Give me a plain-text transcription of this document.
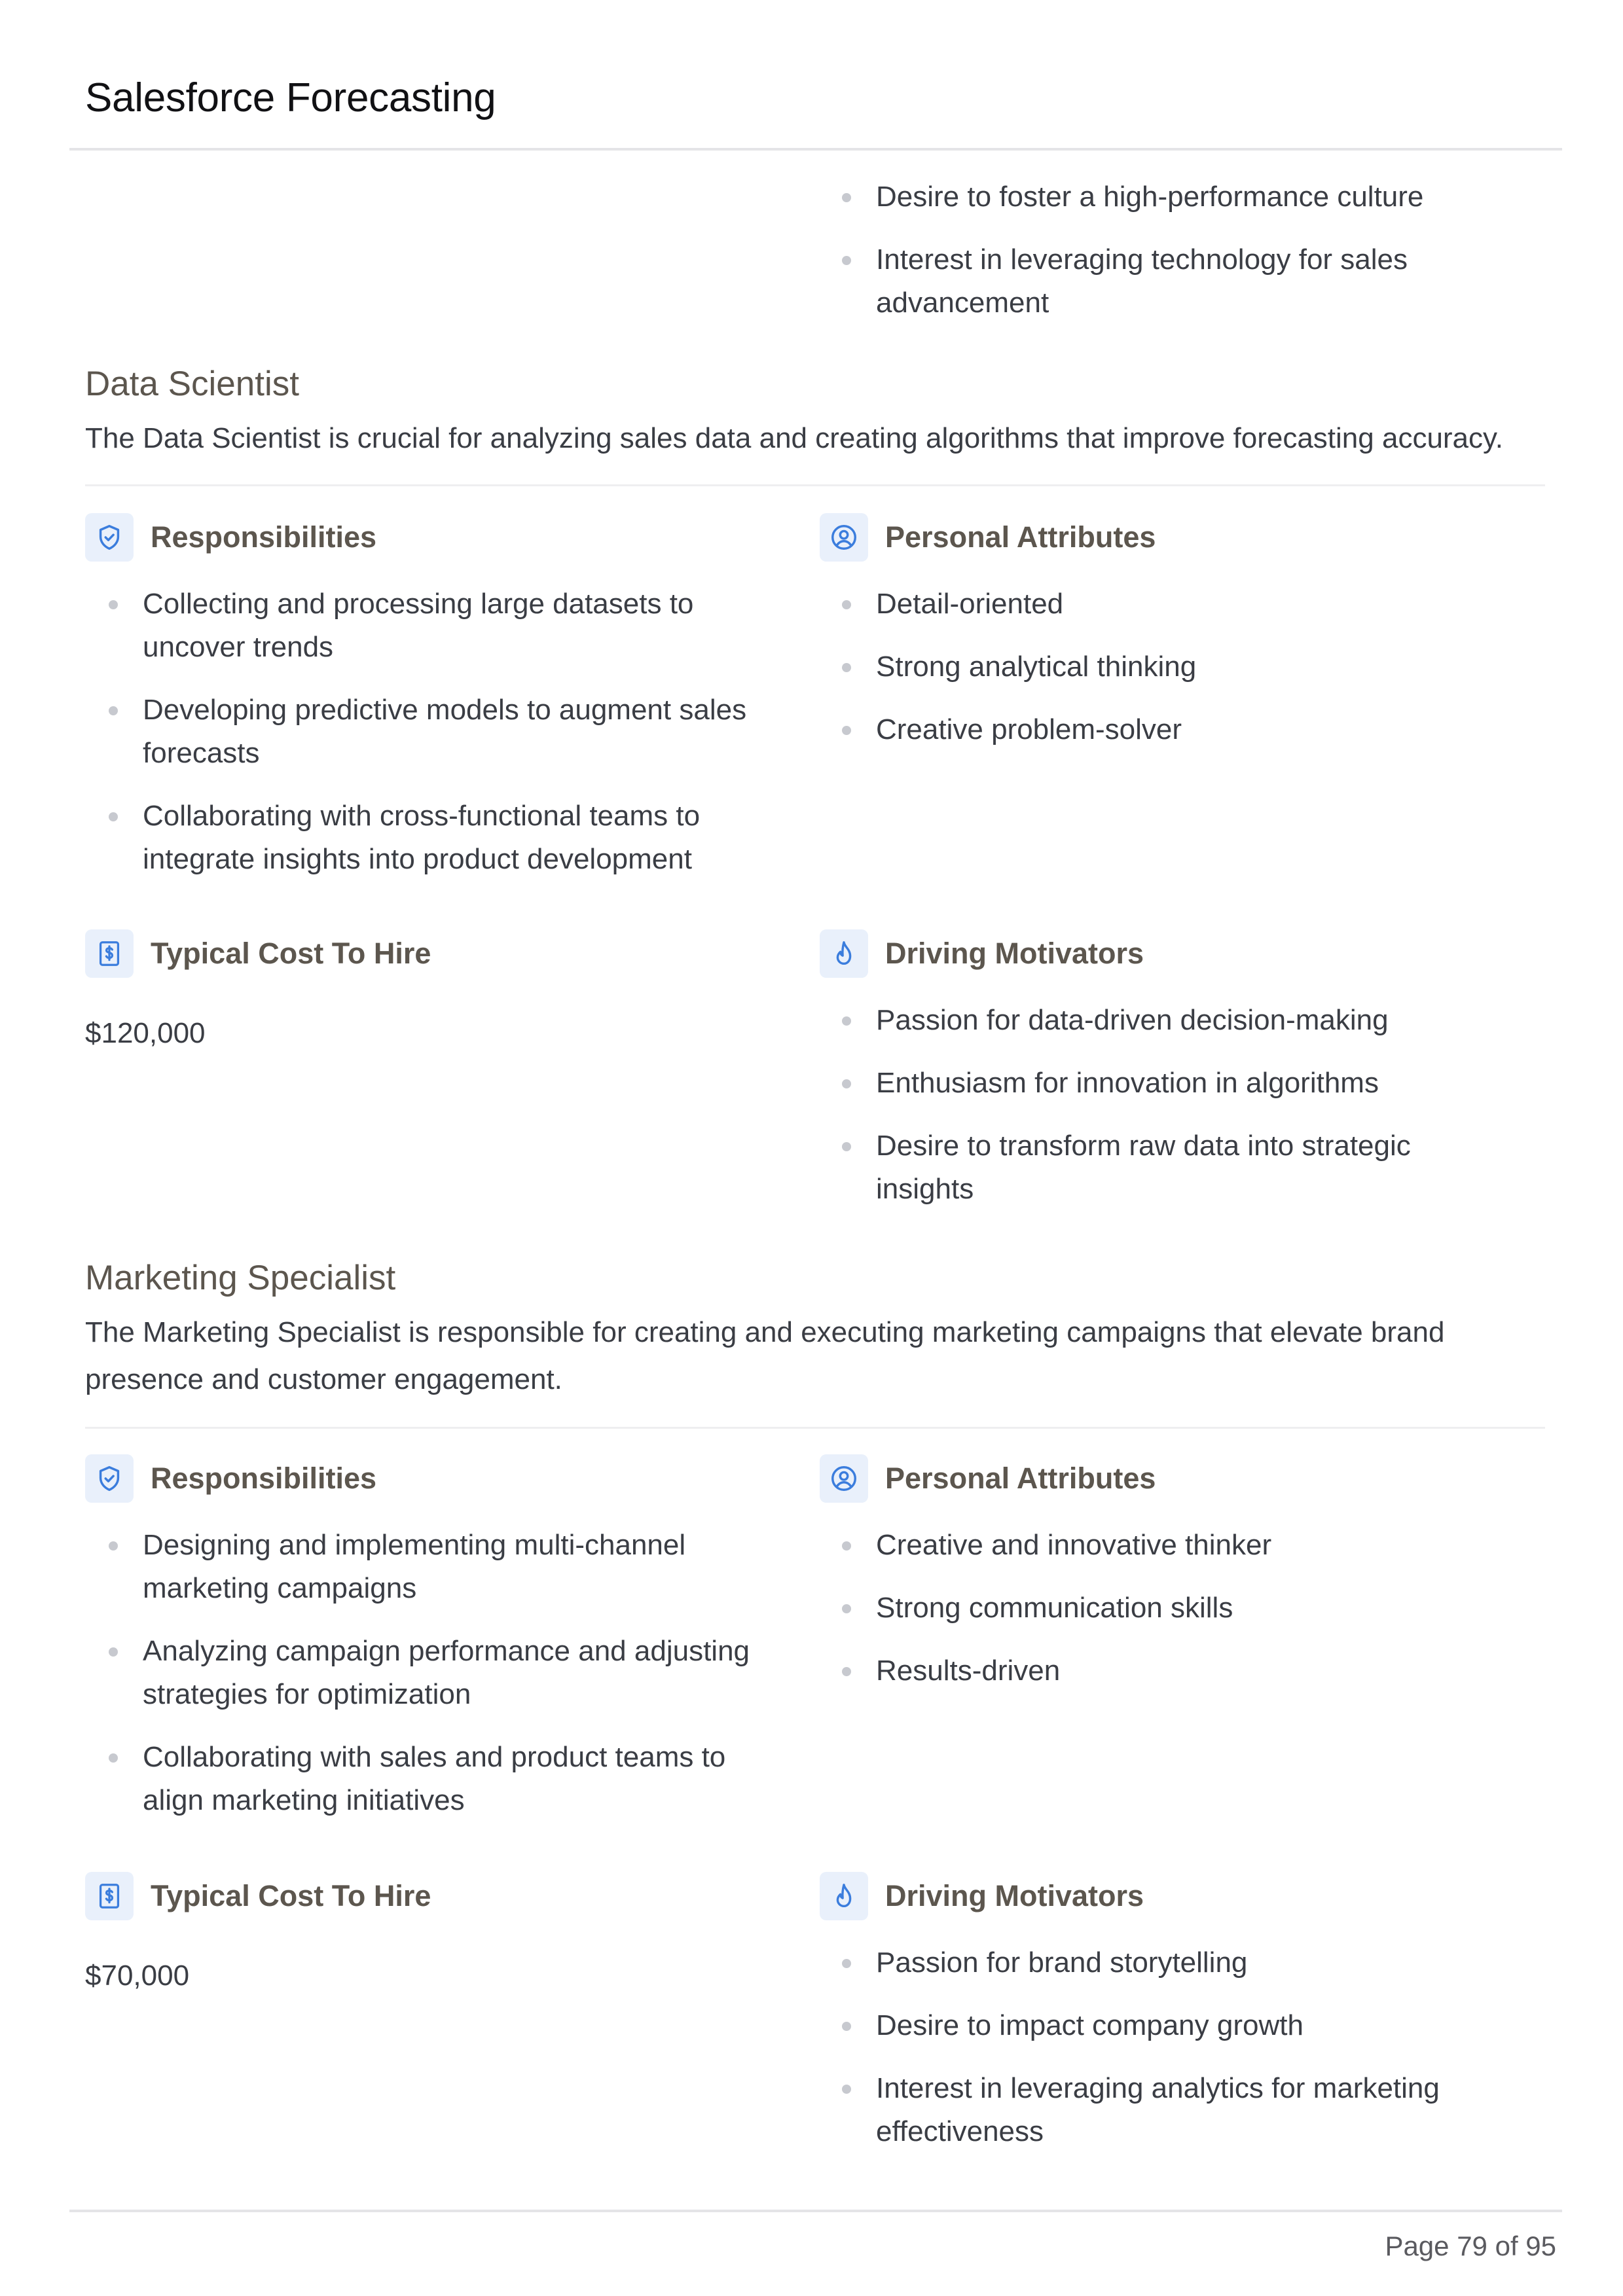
Salesforce Forecasting
Desire to foster a high-performance culture
Interest in leveraging technology for sales advancement
Data Scientist
The Data Scientist is crucial for analyzing sales data and creating algorithms that improve forecasting accuracy.
Responsibilities
Collecting and processing large datasets to uncover trends
Developing predictive models to augment sales forecasts
Collaborating with cross-functional teams to integrate insights into product development
Personal Attributes
Detail-oriented
Strong analytical thinking
Creative problem-solver
Typical Cost To Hire
$120,000
Driving Motivators
Passion for data-driven decision-making
Enthusiasm for innovation in algorithms
Desire to transform raw data into strategic insights
Marketing Specialist
The Marketing Specialist is responsible for creating and executing marketing campaigns that elevate brand presence and customer engagement.
Responsibilities
Designing and implementing multi-channel marketing campaigns
Analyzing campaign performance and adjusting strategies for optimization
Collaborating with sales and product teams to align marketing initiatives
Personal Attributes
Creative and innovative thinker
Strong communication skills
Results-driven
Typical Cost To Hire
$70,000
Driving Motivators
Passion for brand storytelling
Desire to impact company growth
Interest in leveraging analytics for marketing effectiveness
Page 79 of 95
